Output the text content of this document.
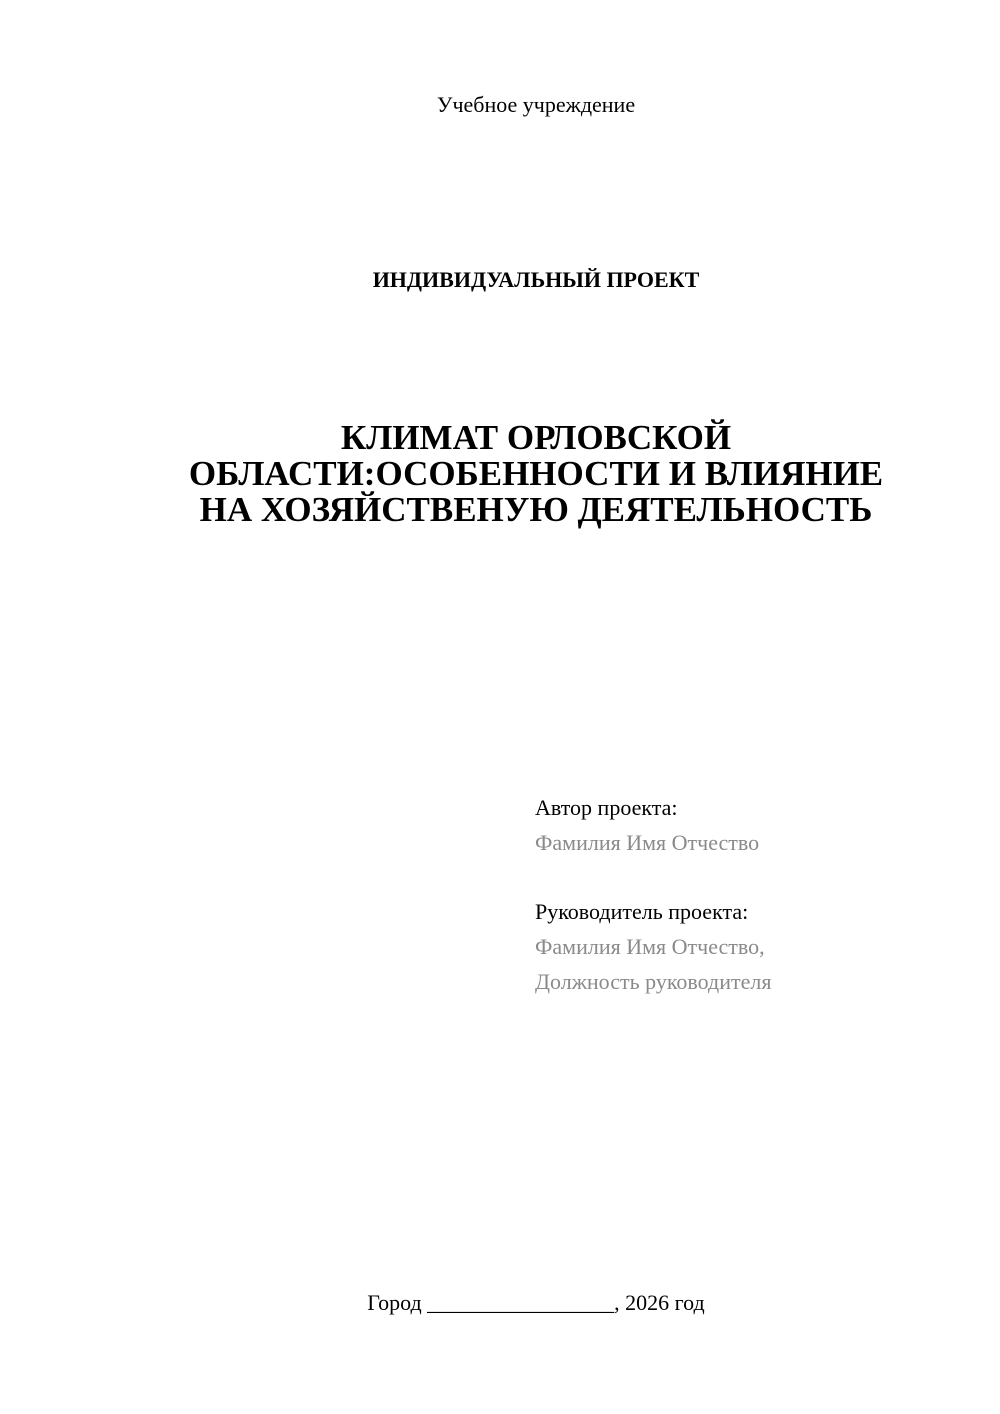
Учебное учреждение
ИНДИВИДУАЛЬНЫЙ ПРОЕКТ
КЛИМАТ ОРЛОВСКОЙ
ОБЛАСТИ:ОСОБЕННОСТИ И ВЛИЯНИЕ
НА ХОЗЯЙСТВЕНУЮ ДЕЯТЕЛЬНОСТЬ
Автор проекта:
Фамилия Имя Отчество
Руководитель проекта:
Фамилия Имя Отчество,
Должность руководителя
Город _________________, 2026 год
